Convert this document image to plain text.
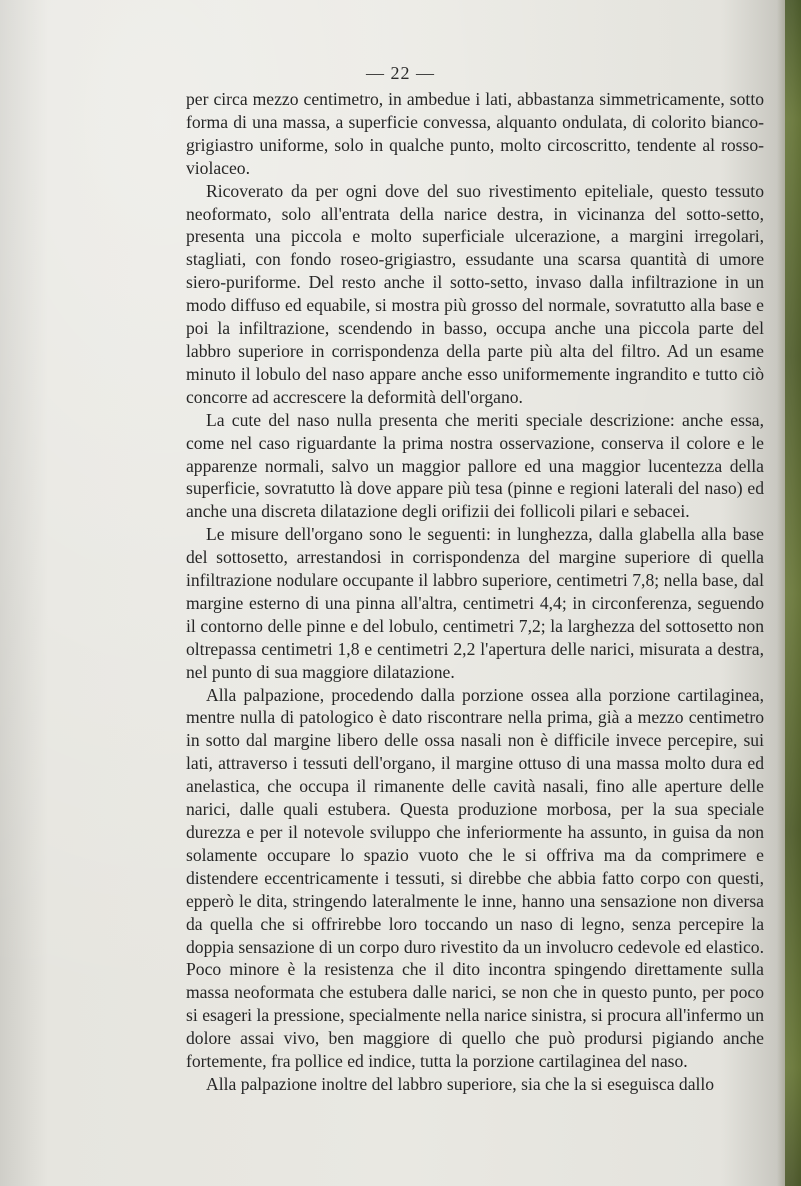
— 22 —

per circa mezzo centimetro, in ambedue i lati, abbastanza simmetricamente, sotto forma di una massa, a superficie convessa, alquanto ondulata, di colorito bianco-grigiastro uniforme, solo in qualche punto, molto circoscritto, tendente al rosso-violaceo.

Ricoverato da per ogni dove del suo rivestimento epiteliale, questo tessuto neoformato, solo all'entrata della narice destra, in vicinanza del sotto-setto, presenta una piccola e molto superficiale ulcerazione, a margini irregolari, stagliati, con fondo roseo-grigiastro, essudante una scarsa quantità di umore siero-puriforme. Del resto anche il sotto-setto, invaso dalla infiltrazione in un modo diffuso ed equabile, si mostra più grosso del normale, sovratutto alla base e poi la infiltrazione, scendendo in basso, occupa anche una piccola parte del labbro superiore in corrispondenza della parte più alta del filtro. Ad un esame minuto il lobulo del naso appare anche esso uniformemente ingrandito e tutto ciò concorre ad accrescere la deformità dell'organo.

La cute del naso nulla presenta che meriti speciale descrizione: anche essa, come nel caso riguardante la prima nostra osservazione, conserva il colore e le apparenze normali, salvo un maggior pallore ed una maggior lucentezza della superficie, sovratutto là dove appare più tesa (pinne e regioni laterali del naso) ed anche una discreta dilatazione degli orifizii dei follicoli pilari e sebacei.

Le misure dell'organo sono le seguenti: in lunghezza, dalla glabella alla base del sottosetto, arrestandosi in corrispondenza del margine superiore di quella infiltrazione nodulare occupante il labbro superiore, centimetri 7,8; nella base, dal margine esterno di una pinna all'altra, centimetri 4,4; in circonferenza, seguendo il contorno delle pinne e del lobulo, centimetri 7,2; la larghezza del sottosetto non oltrepassa centimetri 1,8 e centimetri 2,2 l'apertura delle narici, misurata a destra, nel punto di sua maggiore dilatazione.

Alla palpazione, procedendo dalla porzione ossea alla porzione cartilaginea, mentre nulla di patologico è dato riscontrare nella prima, già a mezzo centimetro in sotto dal margine libero delle ossa nasali non è difficile invece percepire, sui lati, attraverso i tessuti dell'organo, il margine ottuso di una massa molto dura ed anelastica, che occupa il rimanente delle cavità nasali, fino alle aperture delle narici, dalle quali estubera. Questa produzione morbosa, per la sua speciale durezza e per il notevole sviluppo che inferiormente ha assunto, in guisa da non solamente occupare lo spazio vuoto che le si offriva ma da comprimere e distendere eccentricamente i tessuti, si direbbe che abbia fatto corpo con questi, epperò le dita, stringendo lateralmente le inne, hanno una sensazione non diversa da quella che si offrirebbe loro toccando un naso di legno, senza percepire la doppia sensazione di un corpo duro rivestito da un involucro cedevole ed elastico. Poco minore è la resistenza che il dito incontra spingendo direttamente sulla massa neoformata che estubera dalle narici, se non che in questo punto, per poco si esageri la pressione, specialmente nella narice sinistra, si procura all'infermo un dolore assai vivo, ben maggiore di quello che può prodursi pigiando anche fortemente, fra pollice ed indice, tutta la porzione cartilaginea del naso.

Alla palpazione inoltre del labbro superiore, sia che la si eseguisca dallo
